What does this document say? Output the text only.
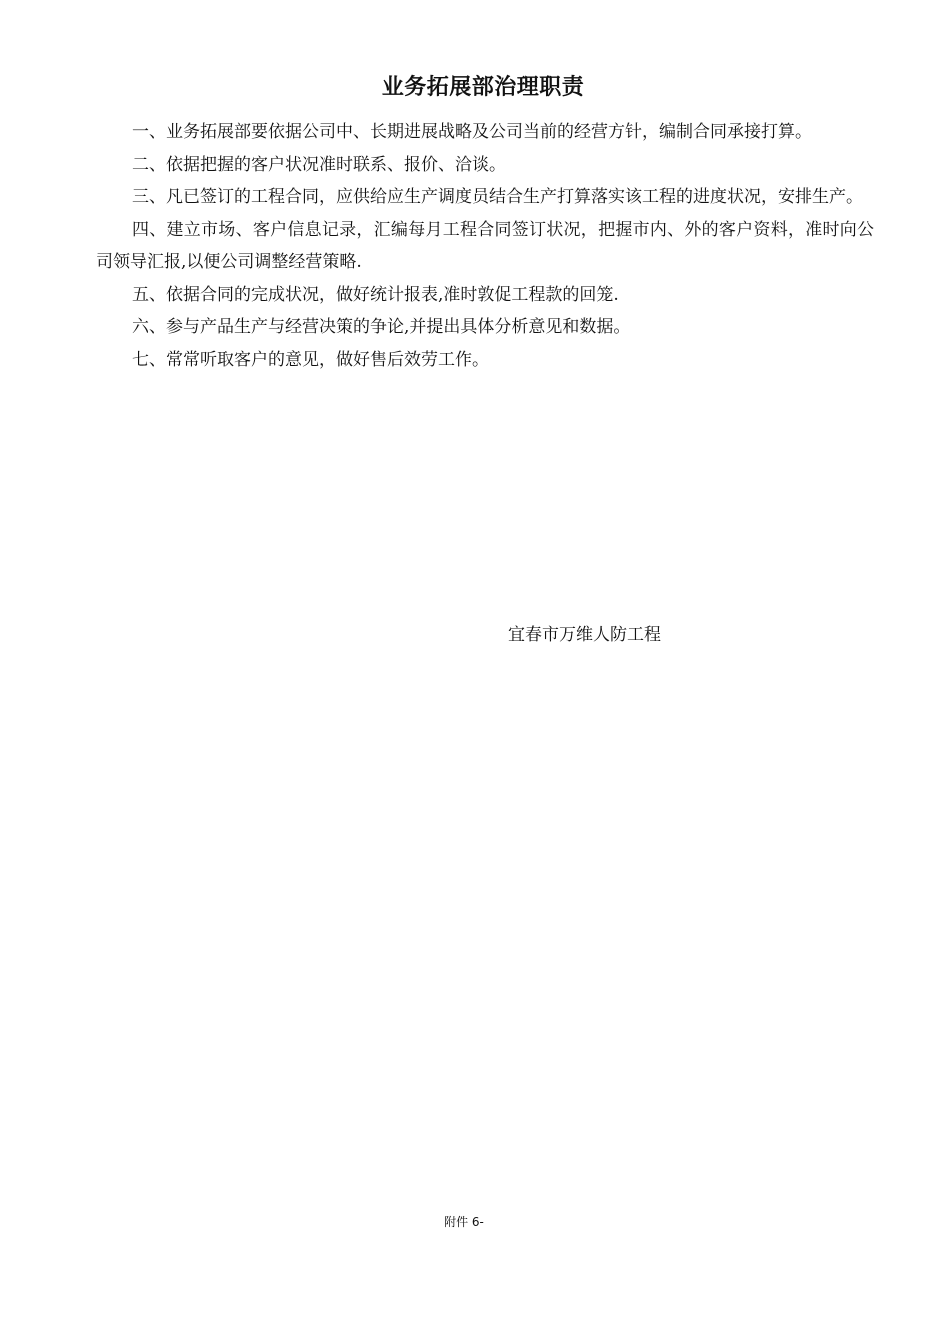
业务拓展部治理职责

一、业务拓展部要依据公司中、长期进展战略及公司当前的经营方针，编制合同承接打算。

二、依据把握的客户状况准时联系、报价、洽谈。

三、凡已签订的工程合同，应供给应生产调度员结合生产打算落实该工程的进度状况，安排生产。

四、建立市场、客户信息记录，汇编每月工程合同签订状况，把握市内、外的客户资料，准时向公司领导汇报,以便公司调整经营策略.

五、依据合同的完成状况，做好统计报表,准时敦促工程款的回笼.

六、参与产品生产与经营决策的争论,并提出具体分析意见和数据。

七、常常听取客户的意见，做好售后效劳工作。

宜春市万维人防工程
附件 6-
